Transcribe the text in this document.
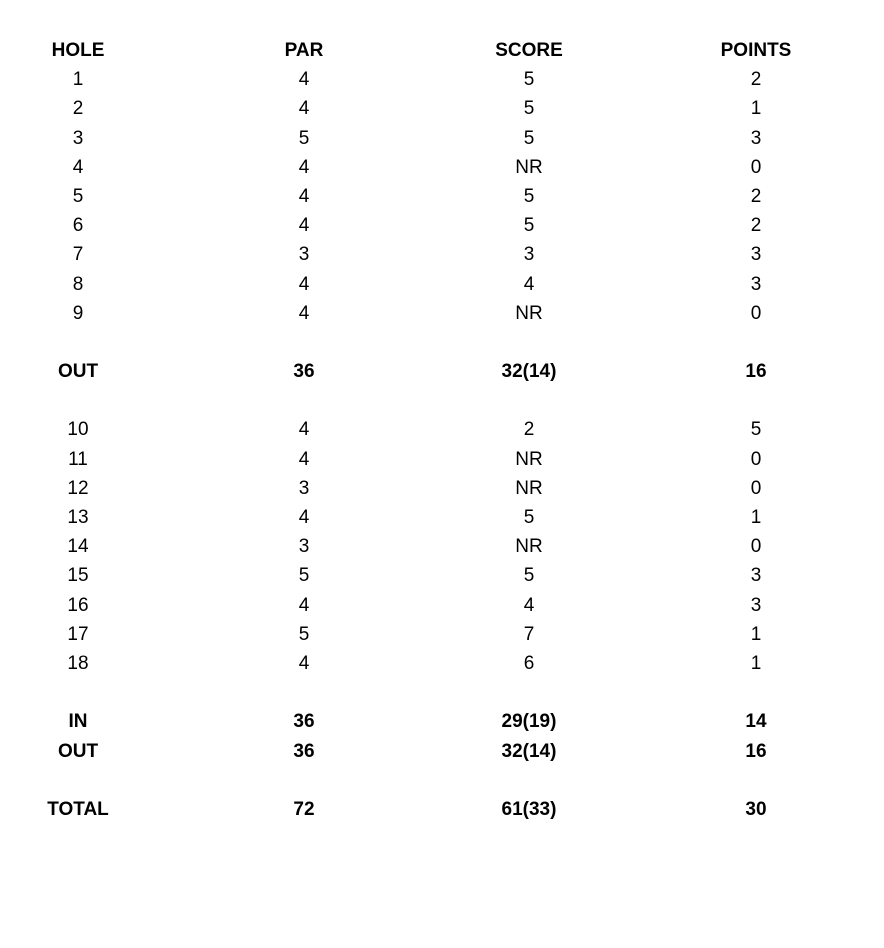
HOLE	PAR	SCORE	POINTS
1	4	5	2
2	4	5	1
3	5	5	3
4	4	NR	0
5	4	5	2
6	4	5	2
7	3	3	3
8	4	4	3
9	4	NR	0
OUT	36	32(14)	16
10	4	2	5
11	4	NR	0
12	3	NR	0
13	4	5	1
14	3	NR	0
15	5	5	3
16	4	4	3
17	5	7	1
18	4	6	1
IN	36	29(19)	14
OUT	36	32(14)	16
TOTAL	72	61(33)	30
